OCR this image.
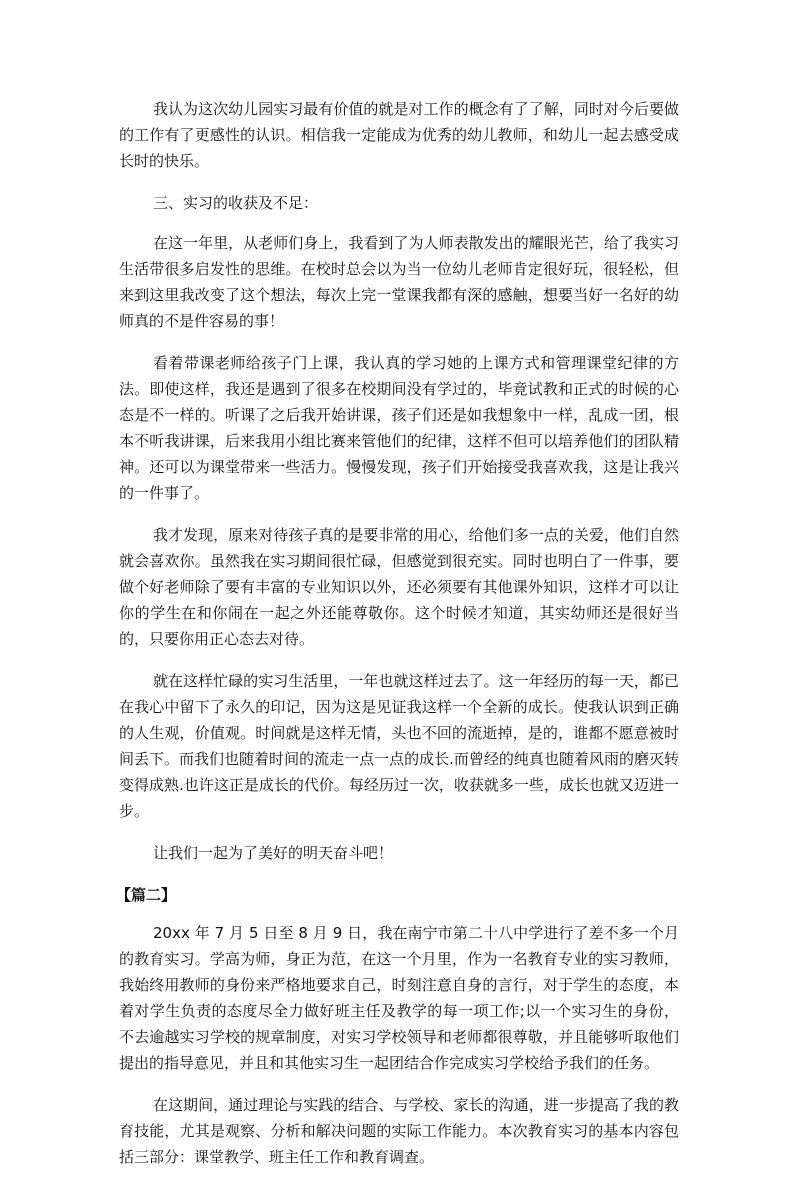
我认为这次幼儿园实习最有价值的就是对工作的概念有了了解，同时对今后要做的工作有了更感性的认识。相信我一定能成为优秀的幼儿教师，和幼儿一起去感受成长时的快乐。

三、实习的收获及不足：

在这一年里，从老师们身上，我看到了为人师表散发出的耀眼光芒，给了我实习生活带很多启发性的思维。在校时总会以为当一位幼儿老师肯定很好玩，很轻松，但来到这里我改变了这个想法，每次上完一堂课我都有深的感触，想要当好一名好的幼师真的不是件容易的事！

看着带课老师给孩子门上课，我认真的学习她的上课方式和管理课堂纪律的方法。即使这样，我还是遇到了很多在校期间没有学过的，毕竟试教和正式的时候的心态是不一样的。听课了之后我开始讲课，孩子们还是如我想象中一样，乱成一团，根本不听我讲课，后来我用小组比赛来管他们的纪律，这样不但可以培养他们的团队精神。还可以为课堂带来一些活力。慢慢发现，孩子们开始接受我喜欢我，这是让我兴的一件事了。

我才发现，原来对待孩子真的是要非常的用心，给他们多一点的关爱，他们自然就会喜欢你。虽然我在实习期间很忙碌，但感觉到很充实。同时也明白了一件事，要做个好老师除了要有丰富的专业知识以外，还必须要有其他课外知识，这样才可以让你的学生在和你闹在一起之外还能尊敬你。这个时候才知道，其实幼师还是很好当的，只要你用正心态去对待。

就在这样忙碌的实习生活里，一年也就这样过去了。这一年经历的每一天，都已在我心中留下了永久的印记，因为这是见证我这样一个全新的成长。使我认识到正确的人生观，价值观。时间就是这样无情，头也不回的流逝掉，是的，谁都不愿意被时间丢下。而我们也随着时间的流走一点一点的成长.而曾经的纯真也随着风雨的磨灭转变得成熟.也许这正是成长的代价。每经历过一次，收获就多一些，成长也就又迈进一步。

让我们一起为了美好的明天奋斗吧！

【篇二】

20xx 年 7 月 5 日至 8 月 9 日，我在南宁市第二十八中学进行了差不多一个月的教育实习。学高为师，身正为范，在这一个月里，作为一名教育专业的实习教师，我始终用教师的身份来严格地要求自己，时刻注意自身的言行，对于学生的态度，本着对学生负责的态度尽全力做好班主任及教学的每一项工作;以一个实习生的身份，不去逾越实习学校的规章制度，对实习学校领导和老师都很尊敬，并且能够听取他们提出的指导意见，并且和其他实习生一起团结合作完成实习学校给予我们的任务。

在这期间，通过理论与实践的结合、与学校、家长的沟通，进一步提高了我的教育技能，尤其是观察、分析和解决问题的实际工作能力。本次教育实习的基本内容包括三部分：课堂教学、班主任工作和教育调查。
